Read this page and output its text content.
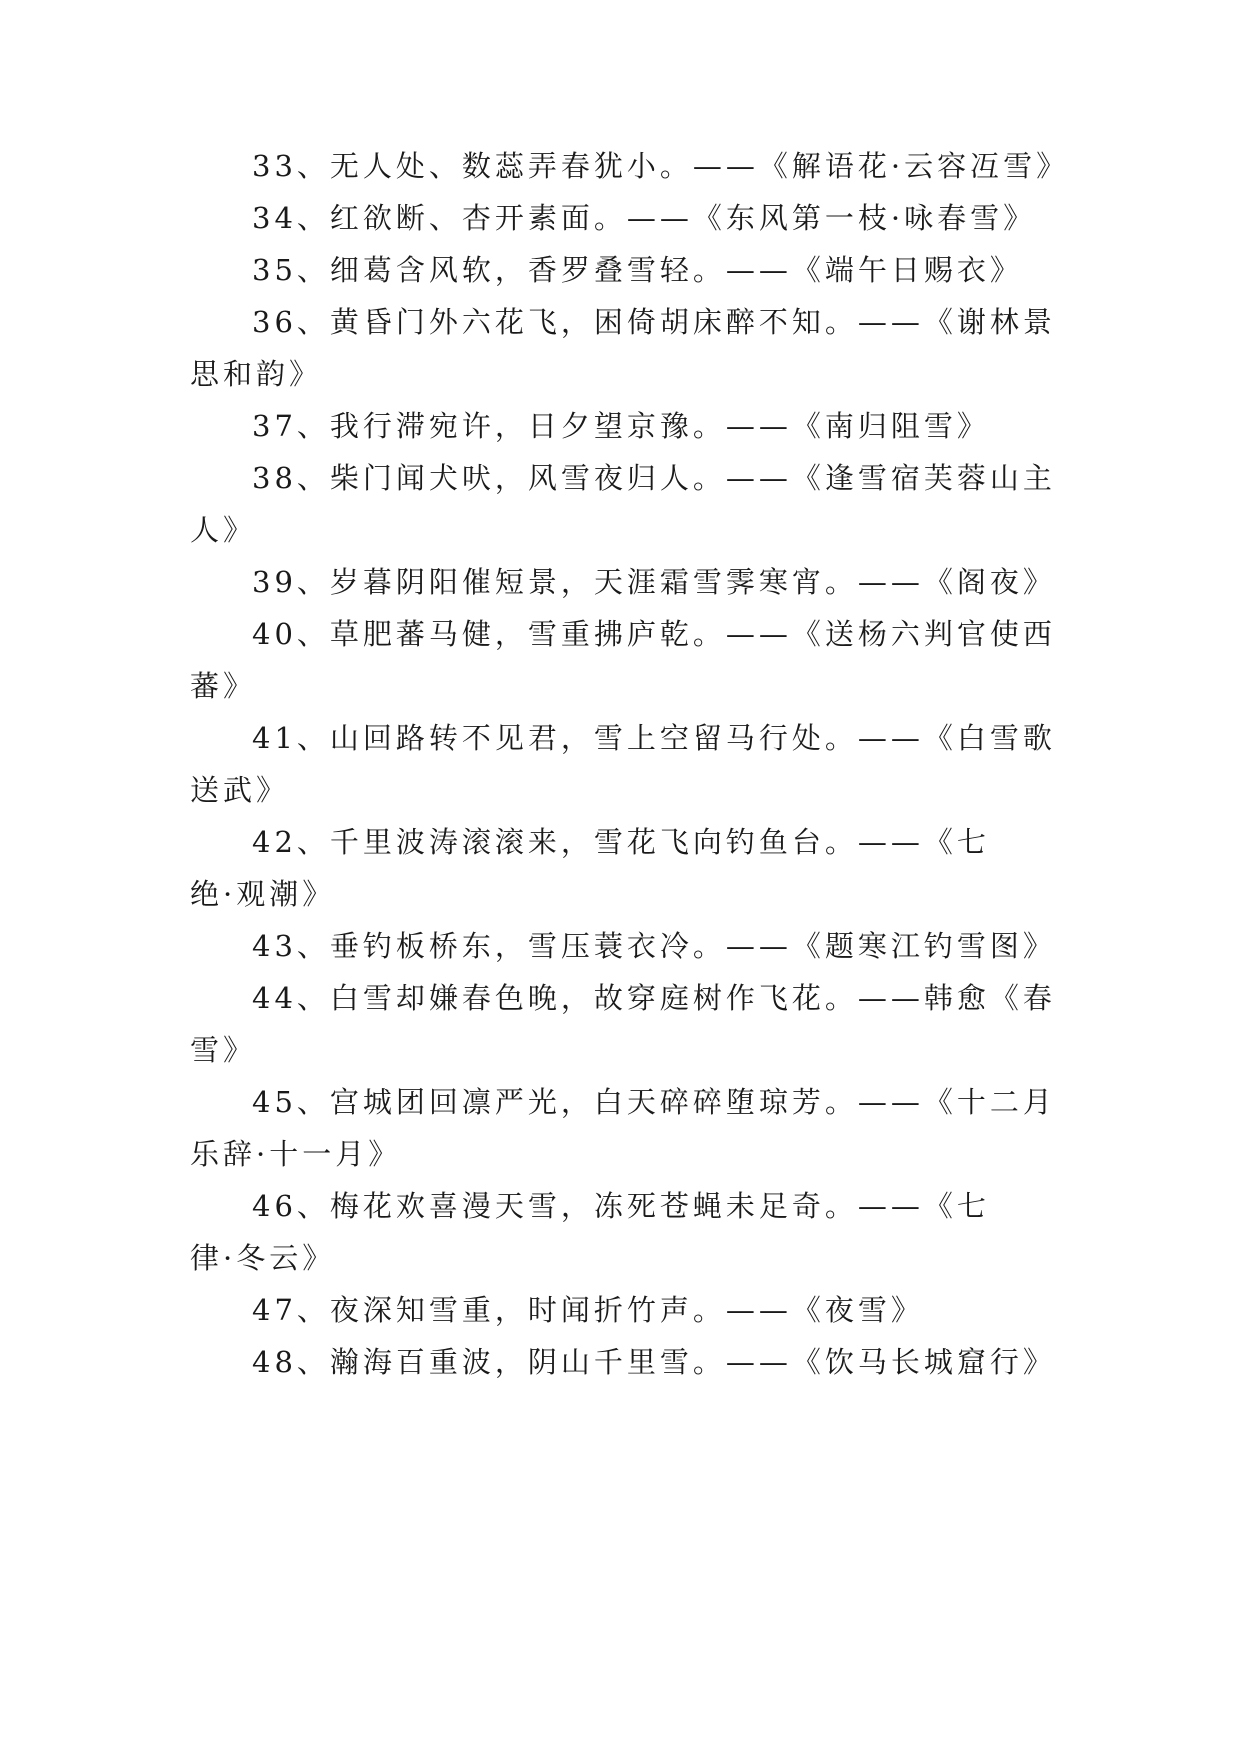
33、无人处、数蕊弄春犹小。——《解语花·云容冱雪》
34、红欲断、杏开素面。——《东风第一枝·咏春雪》
35、细葛含风软，香罗叠雪轻。——《端午日赐衣》
36、黄昏门外六花飞，困倚胡床醉不知。——《谢林景
思和韵》
37、我行滞宛许，日夕望京豫。——《南归阻雪》
38、柴门闻犬吠，风雪夜归人。——《逢雪宿芙蓉山主
人》
39、岁暮阴阳催短景，天涯霜雪霁寒宵。——《阁夜》
40、草肥蕃马健，雪重拂庐乾。——《送杨六判官使西
蕃》
41、山回路转不见君，雪上空留马行处。——《白雪歌
送武》
42、千里波涛滚滚来，雪花飞向钓鱼台。——《七
绝·观潮》
43、垂钓板桥东，雪压蓑衣冷。——《题寒江钓雪图》
44、白雪却嫌春色晚，故穿庭树作飞花。——韩愈《春
雪》
45、宫城团回凛严光，白天碎碎堕琼芳。——《十二月
乐辞·十一月》
46、梅花欢喜漫天雪，冻死苍蝇未足奇。——《七
律·冬云》
47、夜深知雪重，时闻折竹声。——《夜雪》
48、瀚海百重波，阴山千里雪。——《饮马长城窟行》
